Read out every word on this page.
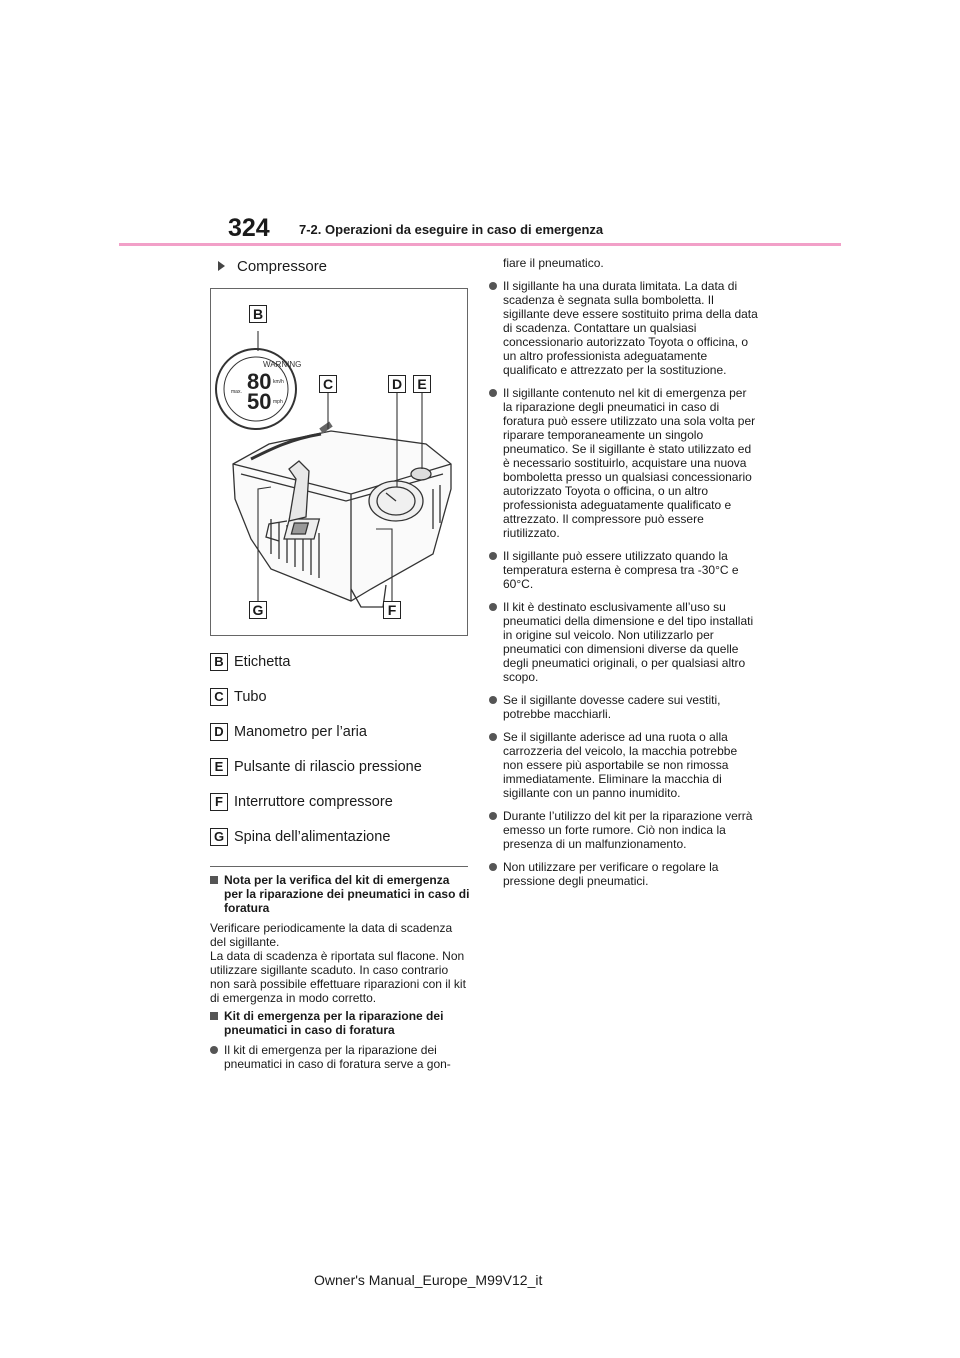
324 7-2. Operazioni da eseguire in caso di emergenza
Compressore
WARNING
80
50
km/h
mph
max.
B
C	D	E
G	F
B Etichetta
C Tubo
D Manometro per l’aria
E Pulsante di rilascio pressione
F Interruttore compressore
G Spina dell’alimentazione
Nota per la verifica del kit di emergenza per la riparazione dei pneumatici in caso di foratura
Verificare periodicamente la data di scadenza del sigillante.
La data di scadenza è riportata sul flacone. Non utilizzare sigillante scaduto. In caso contrario non sarà possibile effettuare riparazioni con il kit di emergenza in modo corretto.
Kit di emergenza per la riparazione dei pneumatici in caso di foratura
Il kit di emergenza per la riparazione dei pneumatici in caso di foratura serve a gon-
fiare il pneumatico.
Il sigillante ha una durata limitata. La data di scadenza è segnata sulla bomboletta. Il sigillante deve essere sostituito prima della data di scadenza. Contattare un qualsiasi concessionario autorizzato Toyota o officina, o un altro professionista adeguatamente qualificato e attrezzato per la sostituzione.
Il sigillante contenuto nel kit di emergenza per la riparazione degli pneumatici in caso di foratura può essere utilizzato una sola volta per riparare temporaneamente un singolo pneumatico. Se il sigillante è stato utilizzato ed è necessario sostituirlo, acquistare una nuova bomboletta presso un qualsiasi concessionario autorizzato Toyota o officina, o un altro professionista adeguatamente qualificato e attrezzato. Il compressore può essere riutilizzato.
Il sigillante può essere utilizzato quando la temperatura esterna è compresa tra -30°C e 60°C.
Il kit è destinato esclusivamente all’uso su pneumatici della dimensione e del tipo installati in origine sul veicolo. Non utilizzarlo per pneumatici con dimensioni diverse da quelle degli pneumatici originali, o per qualsiasi altro scopo.
Se il sigillante dovesse cadere sui vestiti, potrebbe macchiarli.
Se il sigillante aderisce ad una ruota o alla carrozzeria del veicolo, la macchia potrebbe non essere più asportabile se non rimossa immediatamente. Eliminare la macchia di sigillante con un panno inumidito.
Durante l’utilizzo del kit per la riparazione verrà emesso un forte rumore. Ciò non indica la presenza di un malfunzionamento.
Non utilizzare per verificare o regolare la pressione degli pneumatici.
Owner's Manual_Europe_M99V12_it
